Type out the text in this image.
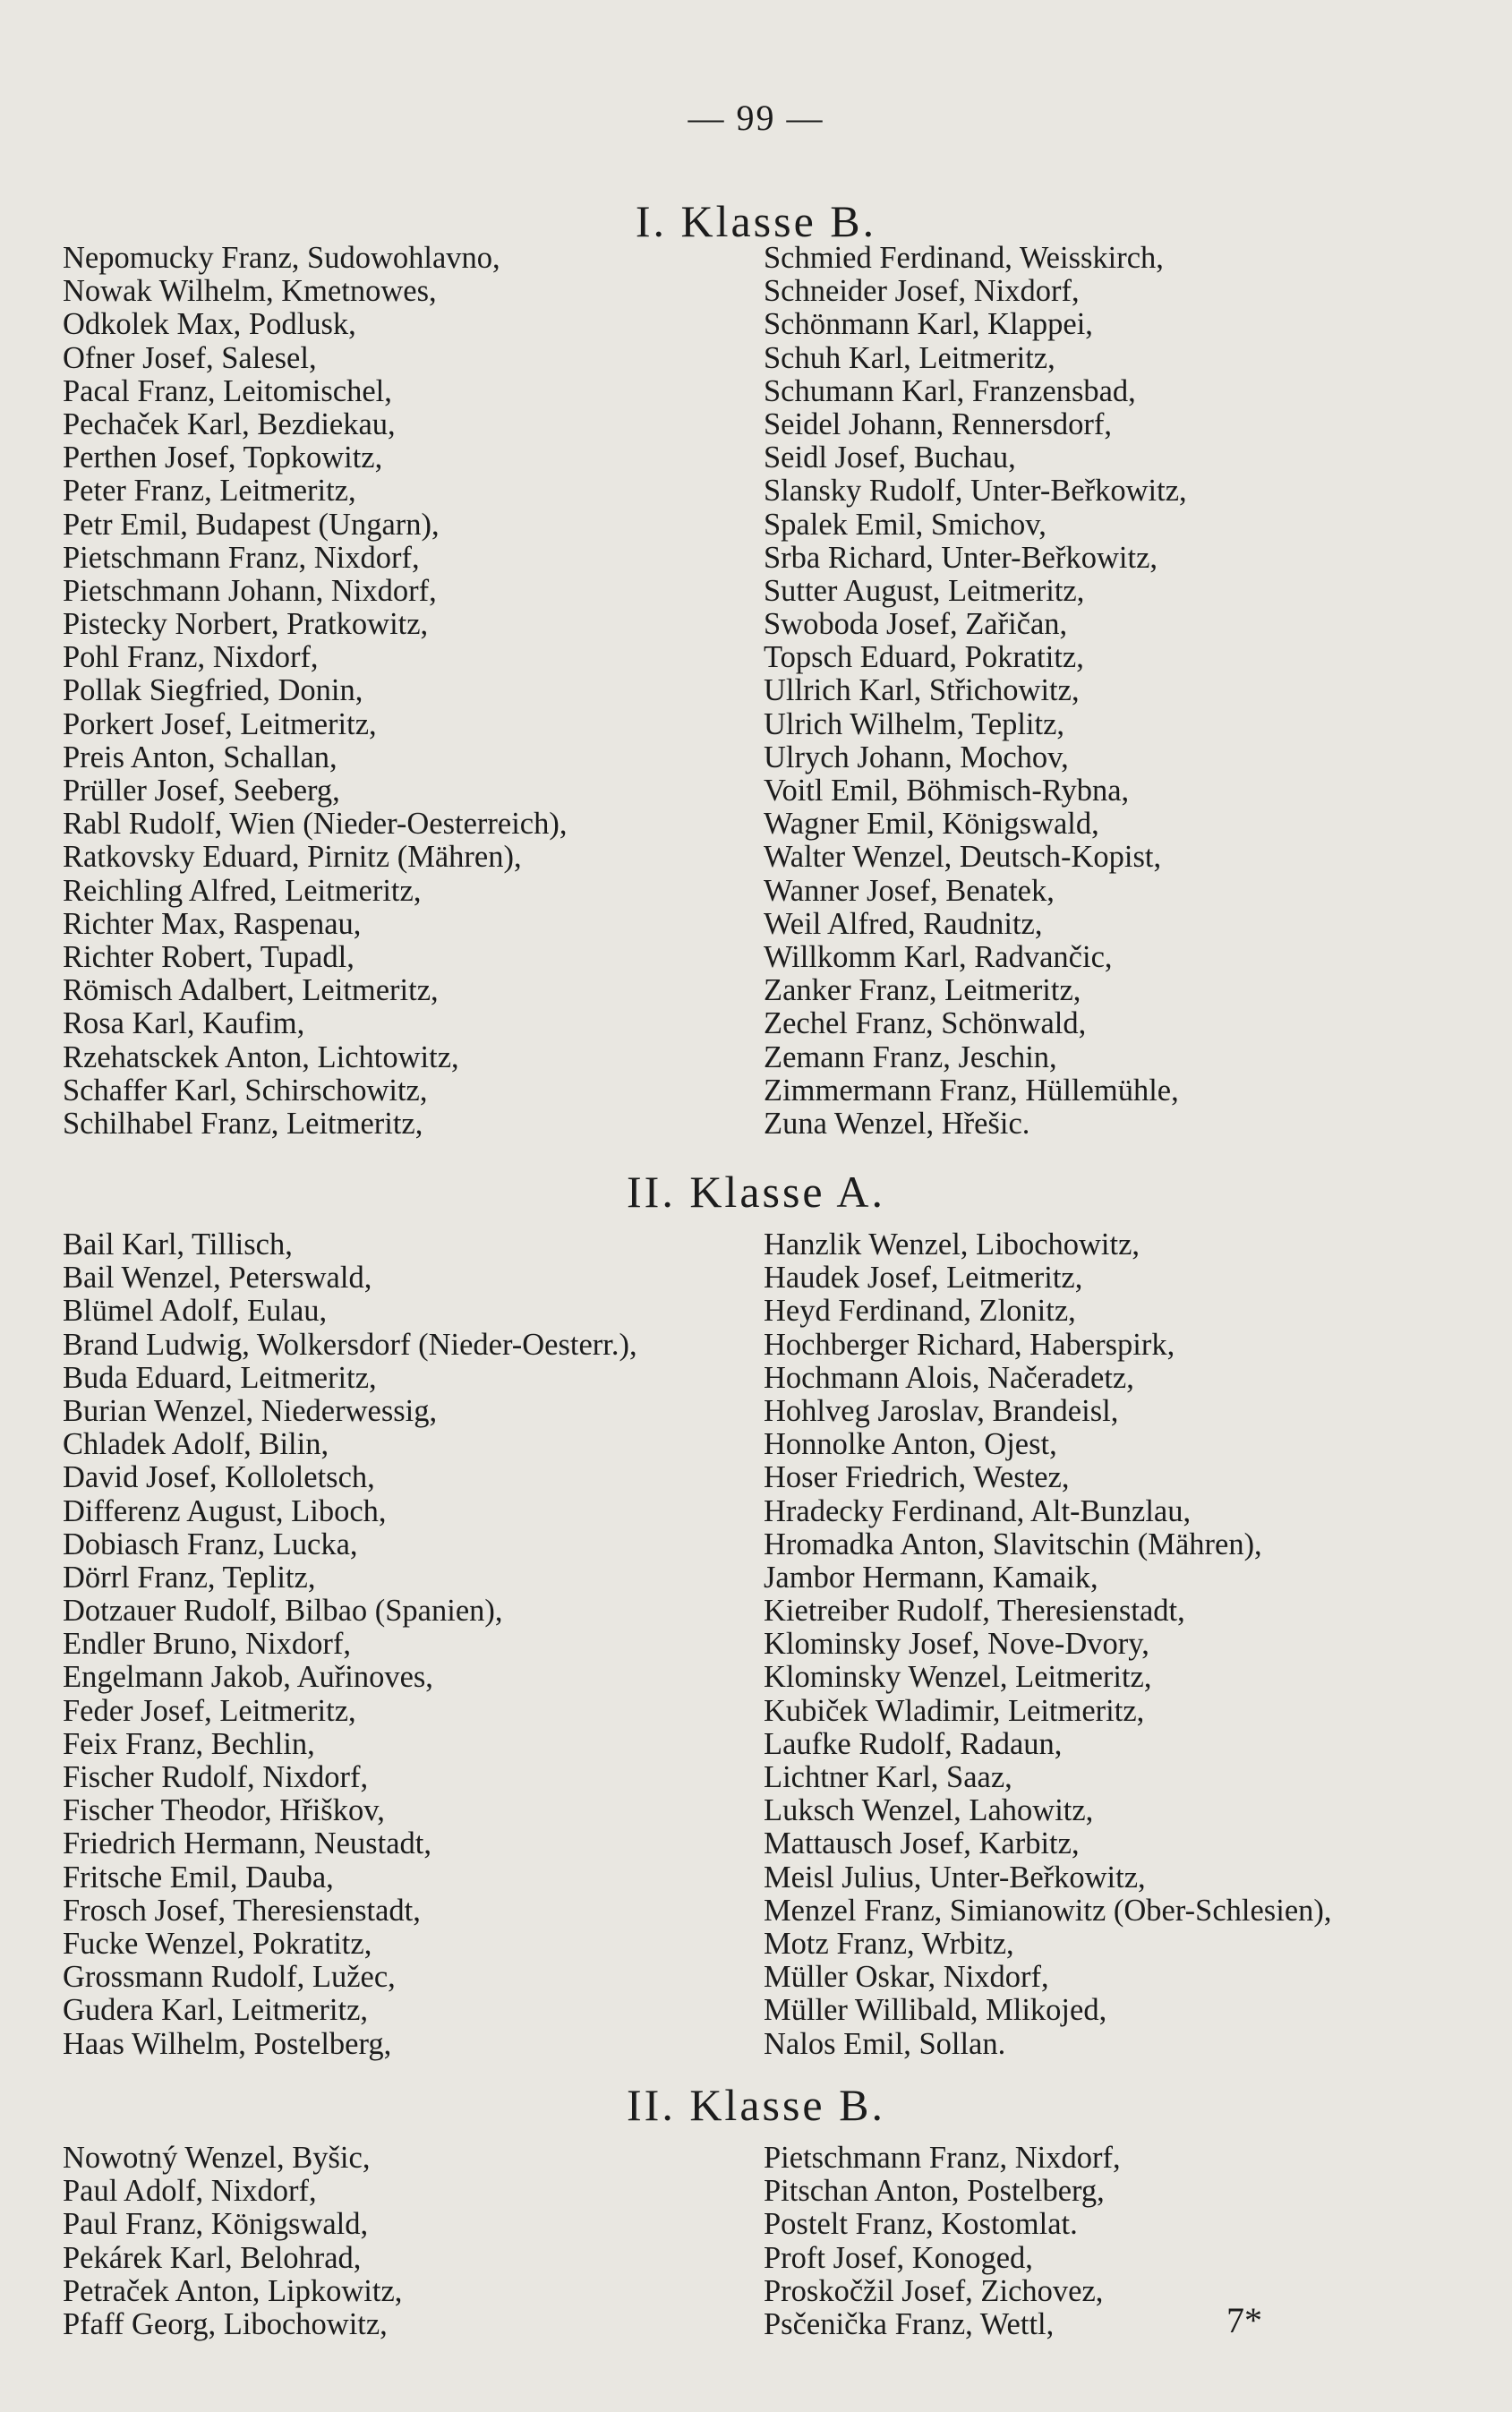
— 99 —
I. Klasse B.
Nepomucky Franz, Sudowohlavno,
Nowak Wilhelm, Kmetnowes,
Odkolek Max, Podlusk,
Ofner Josef, Salesel,
Pacal Franz, Leitomischel,
Pechaček Karl, Bezdiekau,
Perthen Josef, Topkowitz,
Peter Franz, Leitmeritz,
Petr Emil, Budapest (Ungarn),
Pietschmann Franz, Nixdorf,
Pietschmann Johann, Nixdorf,
Pistecky Norbert, Pratkowitz,
Pohl Franz, Nixdorf,
Pollak Siegfried, Donin,
Porkert Josef, Leitmeritz,
Preis Anton, Schallan,
Prüller Josef, Seeberg,
Rabl Rudolf, Wien (Nieder-Oesterreich),
Ratkovsky Eduard, Pirnitz (Mähren),
Reichling Alfred, Leitmeritz,
Richter Max, Raspenau,
Richter Robert, Tupadl,
Römisch Adalbert, Leitmeritz,
Rosa Karl, Kaufim,
Rzehatsckek Anton, Lichtowitz,
Schaffer Karl, Schirschowitz,
Schilhabel Franz, Leitmeritz,
Schmied Ferdinand, Weisskirch,
Schneider Josef, Nixdorf,
Schönmann Karl, Klappei,
Schuh Karl, Leitmeritz,
Schumann Karl, Franzensbad,
Seidel Johann, Rennersdorf,
Seidl Josef, Buchau,
Slansky Rudolf, Unter-Beřkowitz,
Spalek Emil, Smichov,
Srba Richard, Unter-Beřkowitz,
Sutter August, Leitmeritz,
Swoboda Josef, Zařičan,
Topsch Eduard, Pokratitz,
Ullrich Karl, Střichowitz,
Ulrich Wilhelm, Teplitz,
Ulrych Johann, Mochov,
Voitl Emil, Böhmisch-Rybna,
Wagner Emil, Königswald,
Walter Wenzel, Deutsch-Kopist,
Wanner Josef, Benatek,
Weil Alfred, Raudnitz,
Willkomm Karl, Radvančic,
Zanker Franz, Leitmeritz,
Zechel Franz, Schönwald,
Zemann Franz, Jeschin,
Zimmermann Franz, Hüllemühle,
Zuna Wenzel, Hřešic.
II. Klasse A.
Bail Karl, Tillisch,
Bail Wenzel, Peterswald,
Blümel Adolf, Eulau,
Brand Ludwig, Wolkersdorf (Nieder-Oesterr.),
Buda Eduard, Leitmeritz,
Burian Wenzel, Niederwessig,
Chladek Adolf, Bilin,
David Josef, Kolloletsch,
Differenz August, Liboch,
Dobiasch Franz, Lucka,
Dörrl Franz, Teplitz,
Dotzauer Rudolf, Bilbao (Spanien),
Endler Bruno, Nixdorf,
Engelmann Jakob, Auřinoves,
Feder Josef, Leitmeritz,
Feix Franz, Bechlin,
Fischer Rudolf, Nixdorf,
Fischer Theodor, Hřiškov,
Friedrich Hermann, Neustadt,
Fritsche Emil, Dauba,
Frosch Josef, Theresienstadt,
Fucke Wenzel, Pokratitz,
Grossmann Rudolf, Lužec,
Gudera Karl, Leitmeritz,
Haas Wilhelm, Postelberg,
Hanzlik Wenzel, Libochowitz,
Haudek Josef, Leitmeritz,
Heyd Ferdinand, Zlonitz,
Hochberger Richard, Haberspirk,
Hochmann Alois, Načeradetz,
Hohlveg Jaroslav, Brandeisl,
Honnolke Anton, Ojest,
Hoser Friedrich, Westez,
Hradecky Ferdinand, Alt-Bunzlau,
Hromadka Anton, Slavitschin (Mähren),
Jambor Hermann, Kamaik,
Kietreiber Rudolf, Theresienstadt,
Klominsky Josef, Nove-Dvory,
Klominsky Wenzel, Leitmeritz,
Kubiček Wladimir, Leitmeritz,
Laufke Rudolf, Radaun,
Lichtner Karl, Saaz,
Luksch Wenzel, Lahowitz,
Mattausch Josef, Karbitz,
Meisl Julius, Unter-Beřkowitz,
Menzel Franz, Simianowitz (Ober-Schlesien),
Motz Franz, Wrbitz,
Müller Oskar, Nixdorf,
Müller Willibald, Mlikojed,
Nalos Emil, Sollan.
II. Klasse B.
Nowotný Wenzel, Byšic,
Paul Adolf, Nixdorf,
Paul Franz, Königswald,
Pekárek Karl, Belohrad,
Petraček Anton, Lipkowitz,
Pfaff Georg, Libochowitz,
Pietschmann Franz, Nixdorf,
Pitschan Anton, Postelberg,
Postelt Franz, Kostomlat.
Proft Josef, Konoged,
Proskočžil Josef, Zichovez,
Psčenička Franz, Wettl,	7*
